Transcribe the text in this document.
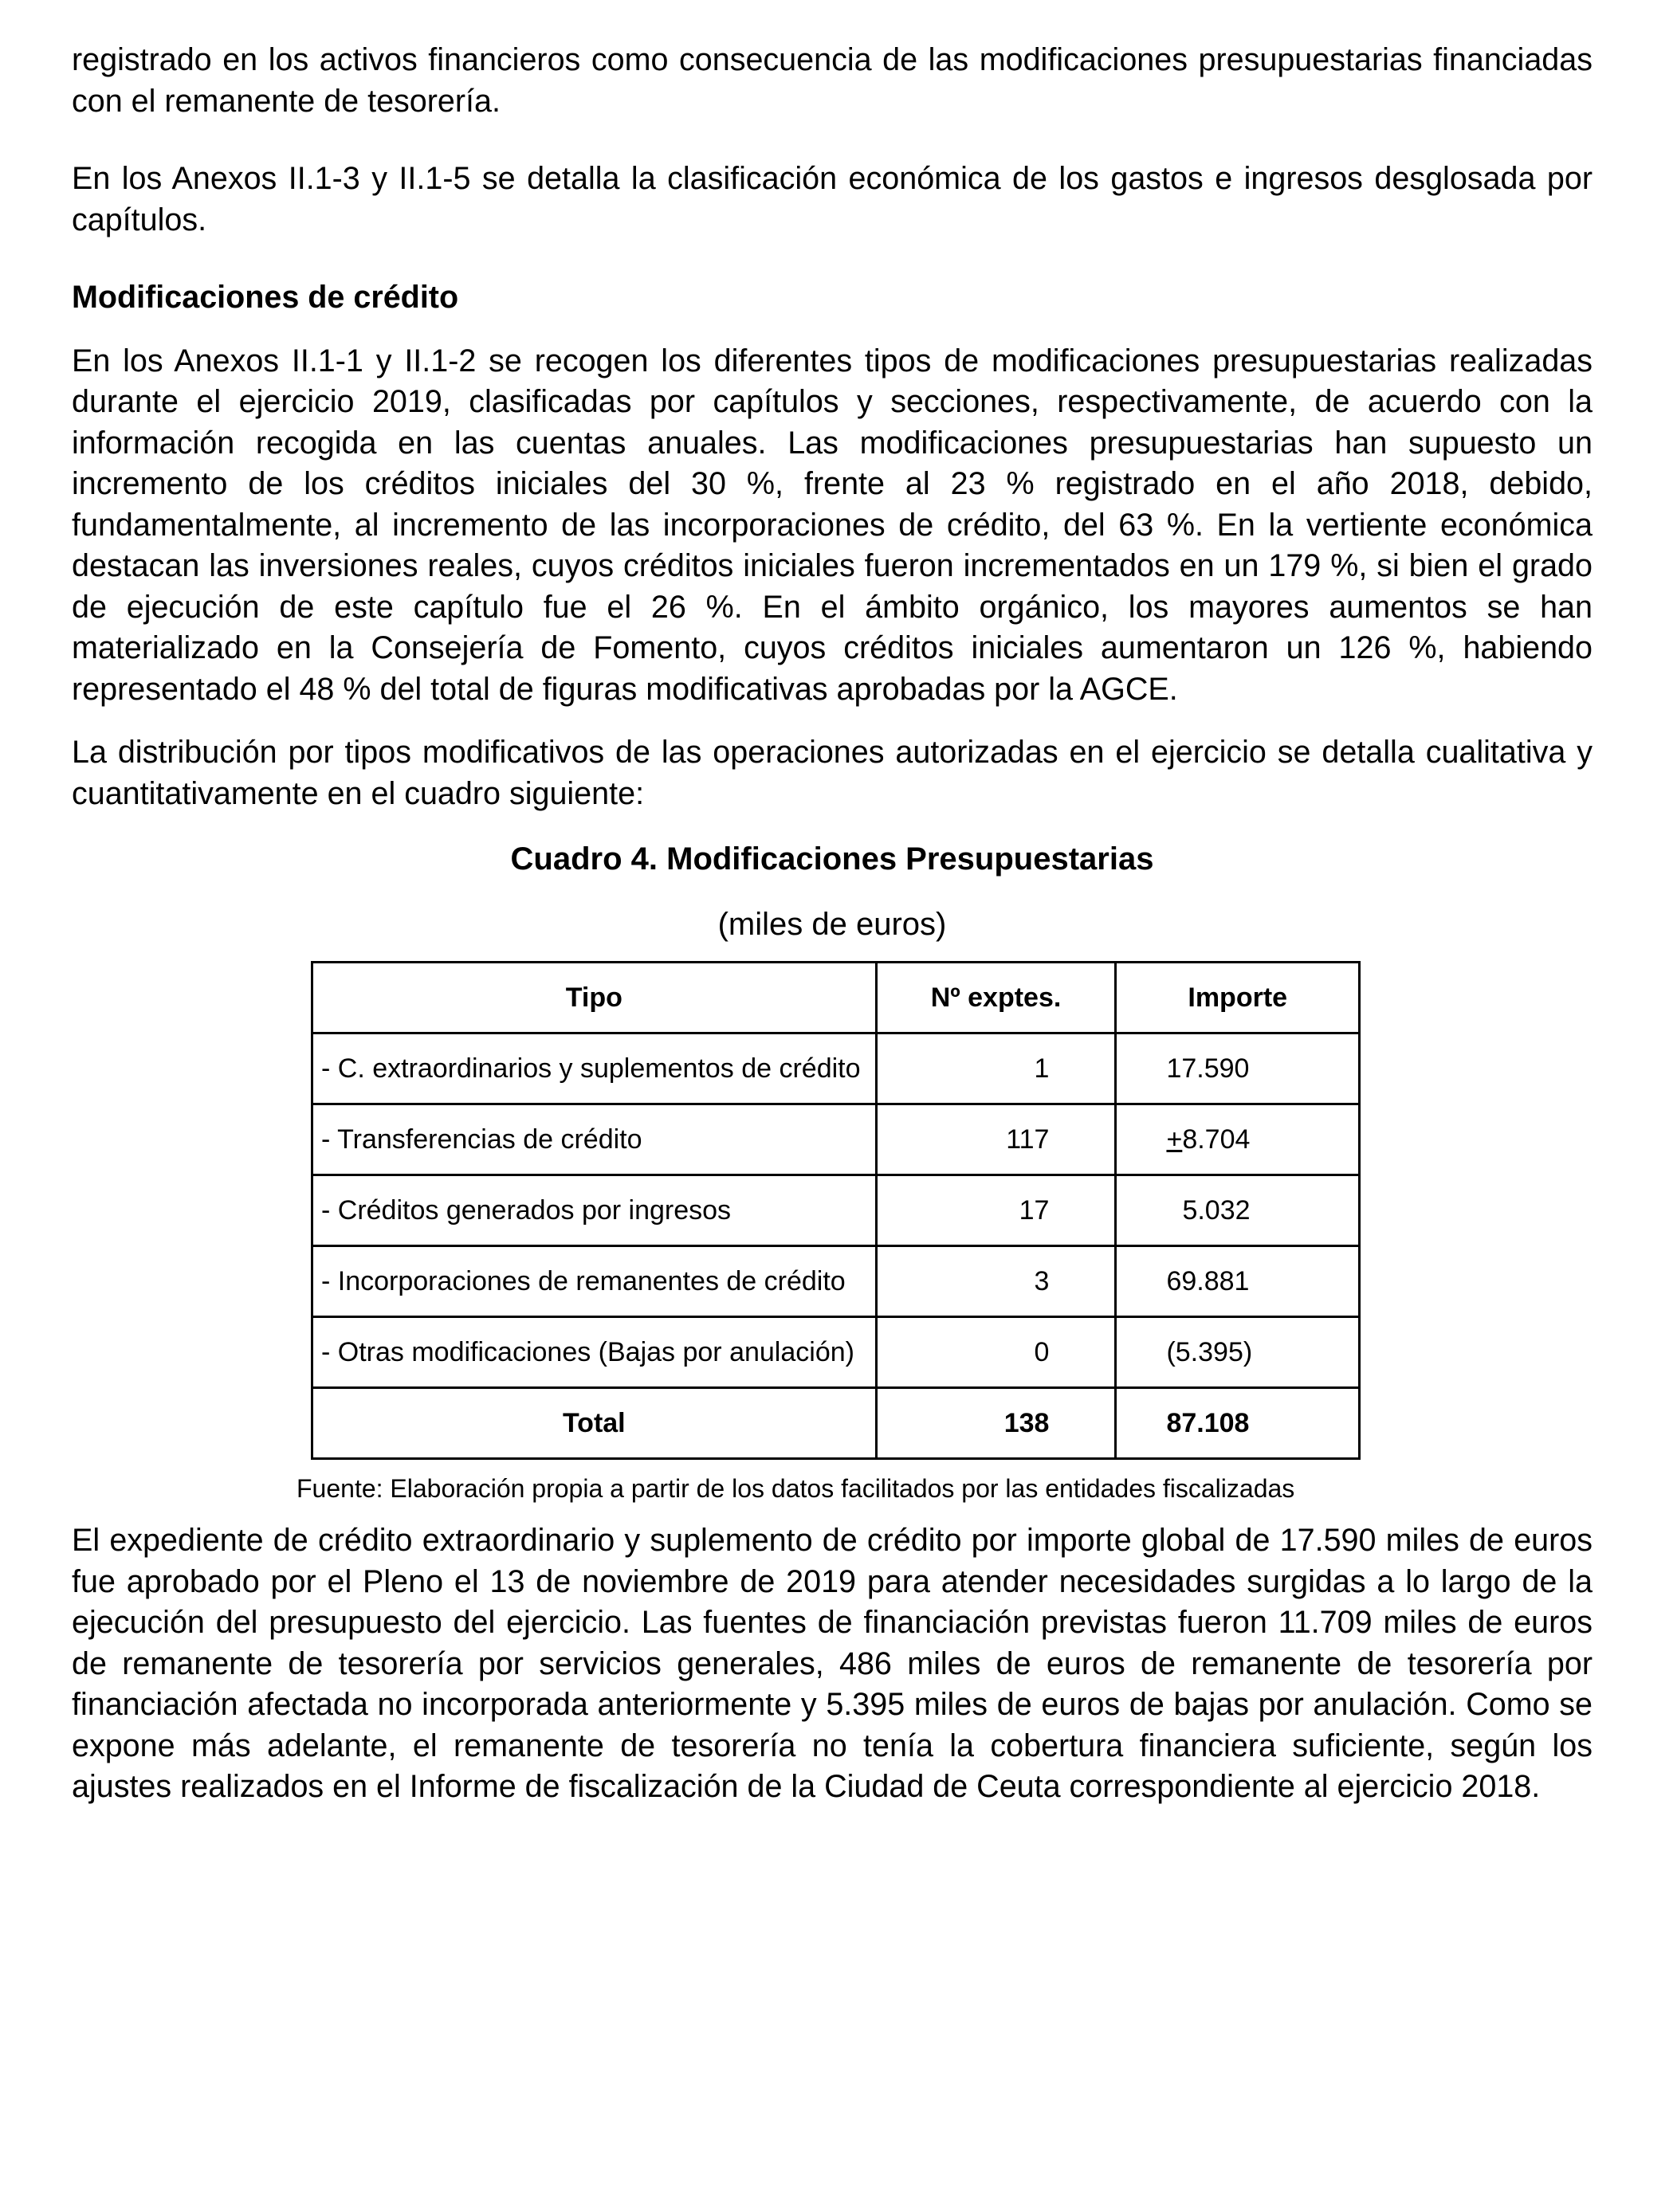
registrado en los activos financieros como consecuencia de las modificaciones presupuestarias financiadas con el remanente de tesorería.

En los Anexos II.1-3 y II.1-5 se detalla la clasificación económica de los gastos e ingresos desglosada por capítulos.

Modificaciones de crédito

En los Anexos II.1-1 y II.1-2 se recogen los diferentes tipos de modificaciones presupuestarias realizadas durante el ejercicio 2019, clasificadas por capítulos y secciones, respectivamente, de acuerdo con la información recogida en las cuentas anuales. Las modificaciones presupuestarias han supuesto un incremento de los créditos iniciales del 30 %, frente al 23 % registrado en el año 2018, debido, fundamentalmente, al incremento de las incorporaciones de crédito, del 63 %. En la vertiente económica destacan las inversiones reales, cuyos créditos iniciales fueron incrementados en un 179 %, si bien el grado de ejecución de este capítulo fue el 26 %. En el ámbito orgánico, los mayores aumentos se han materializado en la Consejería de Fomento, cuyos créditos iniciales aumentaron un 126 %, habiendo representado el 48 % del total de figuras modificativas aprobadas por la AGCE.

La distribución por tipos modificativos de las operaciones autorizadas en el ejercicio se detalla cualitativa y cuantitativamente en el cuadro siguiente:

Cuadro 4. Modificaciones Presupuestarias

(miles de euros)

Tipo	Nº exptes.	Importe
- C. extraordinarios y suplementos de crédito	1	17.590
- Transferencias de crédito	117	+8.704
- Créditos generados por ingresos	17	5.032
- Incorporaciones de remanentes de crédito	3	69.881
- Otras modificaciones (Bajas por anulación)	0	(5.395)
Total	138	87.108

Fuente: Elaboración propia a partir de los datos facilitados por las entidades fiscalizadas

El expediente de crédito extraordinario y suplemento de crédito por importe global de 17.590 miles de euros fue aprobado por el Pleno el 13 de noviembre de 2019 para atender necesidades surgidas a lo largo de la ejecución del presupuesto del ejercicio. Las fuentes de financiación previstas fueron 11.709 miles de euros de remanente de tesorería por servicios generales, 486 miles de euros de remanente de tesorería por financiación afectada no incorporada anteriormente y 5.395 miles de euros de bajas por anulación. Como se expone más adelante, el remanente de tesorería no tenía la cobertura financiera suficiente, según los ajustes realizados en el Informe de fiscalización de la Ciudad de Ceuta correspondiente al ejercicio 2018.
